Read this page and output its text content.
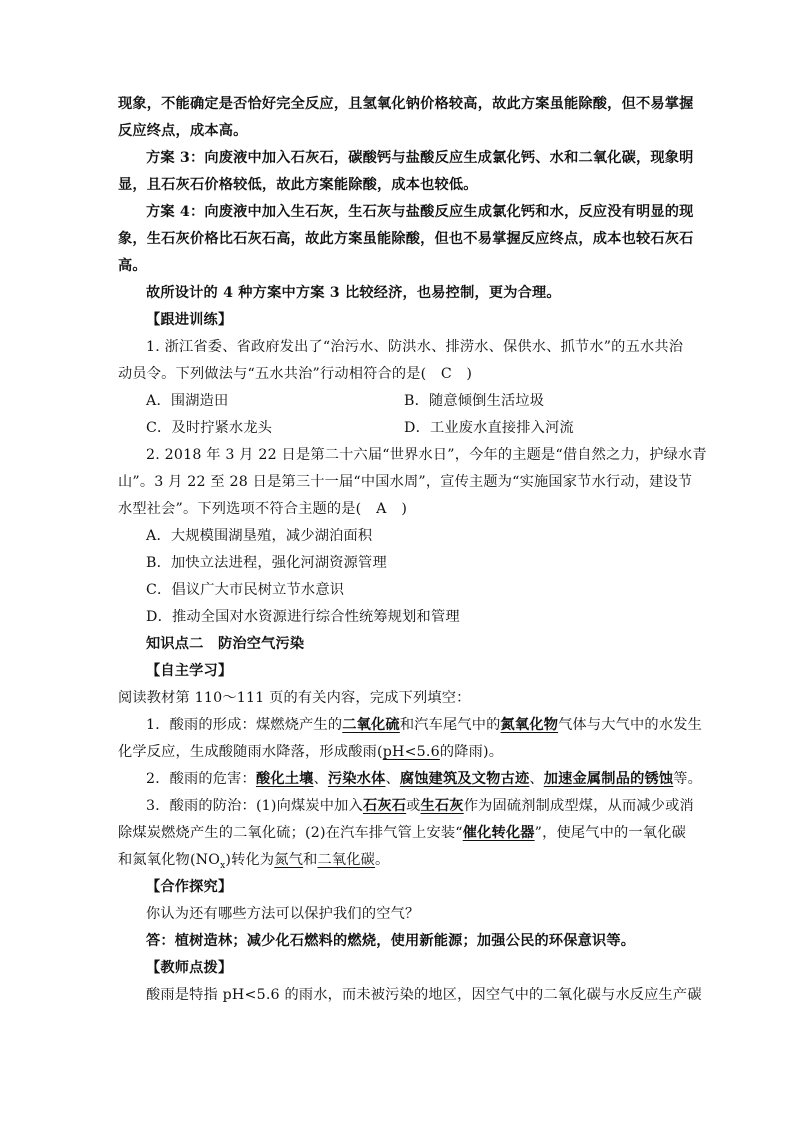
现象，不能确定是否恰好完全反应，且氢氧化钠价格较高，故此方案虽能除酸，但不易掌握
反应终点，成本高。
方案 3：向废液中加入石灰石，碳酸钙与盐酸反应生成氯化钙、水和二氧化碳，现象明
显，且石灰石价格较低，故此方案能除酸，成本也较低。
方案 4：向废液中加入生石灰，生石灰与盐酸反应生成氯化钙和水，反应没有明显的现
象，生石灰价格比石灰石高，故此方案虽能除酸，但也不易掌握反应终点，成本也较石灰石
高。
故所设计的 4 种方案中方案 3 比较经济，也易控制，更为合理。
【跟进训练】
1. 浙江省委、省政府发出了“治污水、防洪水、排涝水、保供水、抓节水”的五水共治
动员令。下列做法与“五水共治”行动相符合的是( C )
A．围湖造田	B．随意倾倒生活垃圾
C．及时拧紧水龙头	D．工业废水直接排入河流
2. 2018 年 3 月 22 日是第二十六届“世界水日”，今年的主题是“借自然之力，护绿水青
山”。3 月 22 至 28 日是第三十一届“中国水周”，宣传主题为“实施国家节水行动，建设节
水型社会”。下列选项不符合主题的是( A )
A．大规模围湖垦殖，减少湖泊面积
B．加快立法进程，强化河湖资源管理
C．倡议广大市民树立节水意识
D．推动全国对水资源进行综合性统筹规划和管理
知识点二　防治空气污染
【自主学习】
阅读教材第 110～111 页的有关内容，完成下列填空：
1．酸雨的形成：煤燃烧产生的二氧化硫和汽车尾气中的氮氧化物气体与大气中的水发生
化学反应，生成酸随雨水降落，形成酸雨(pH<5.6的降雨)。
2．酸雨的危害：酸化土壤、污染水体、腐蚀建筑及文物古迹、加速金属制品的锈蚀等。
3．酸雨的防治：(1)向煤炭中加入石灰石或生石灰作为固硫剂制成型煤，从而减少或消
除煤炭燃烧产生的二氧化硫；(2)在汽车排气管上安装“催化转化器”，使尾气中的一氧化碳
和氮氧化物$(NO_x)$转化为氮气和二氧化碳。
【合作探究】
你认为还有哪些方法可以保护我们的空气？
答：植树造林；减少化石燃料的燃烧，使用新能源；加强公民的环保意识等。
【教师点拨】
酸雨是特指 pH<5.6 的雨水，而未被污染的地区，因空气中的二氧化碳与水反应生产碳
